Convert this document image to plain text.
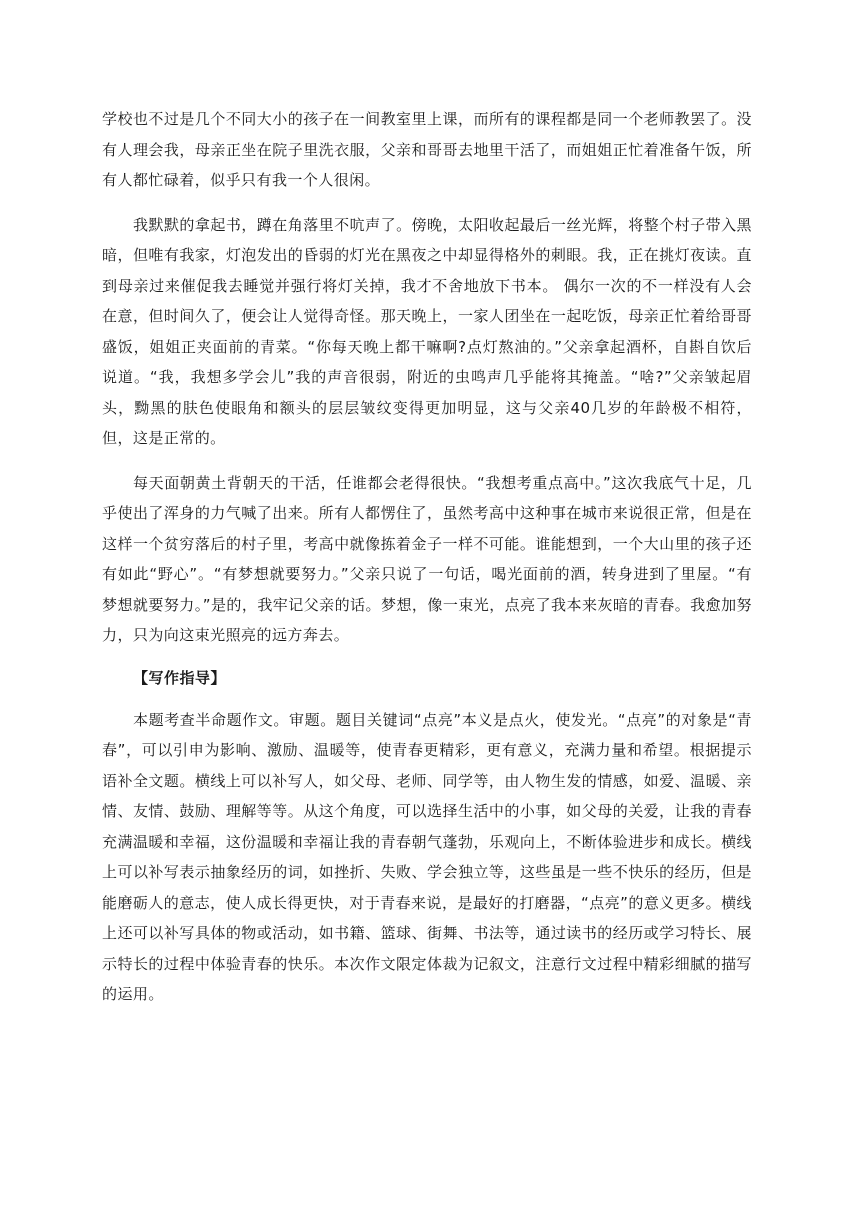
学校也不过是几个不同大小的孩子在一间教室里上课，而所有的课程都是同一个老师教罢了。没有人理会我，母亲正坐在院子里洗衣服，父亲和哥哥去地里干活了，而姐姐正忙着准备午饭，所有人都忙碌着，似乎只有我一个人很闲。

我默默的拿起书，蹲在角落里不吭声了。傍晚，太阳收起最后一丝光辉，将整个村子带入黑暗，但唯有我家，灯泡发出的昏弱的灯光在黑夜之中却显得格外的刺眼。我，正在挑灯夜读。直到母亲过来催促我去睡觉并强行将灯关掉，我才不舍地放下书本。 偶尔一次的不一样没有人会在意，但时间久了，便会让人觉得奇怪。那天晚上，一家人团坐在一起吃饭，母亲正忙着给哥哥盛饭，姐姐正夹面前的青菜。“你每天晚上都干嘛啊?点灯熬油的。”父亲拿起酒杯，自斟自饮后说道。“我，我想多学会儿”我的声音很弱，附近的虫鸣声几乎能将其掩盖。“啥?”父亲皱起眉头，黝黑的肤色使眼角和额头的层层皱纹变得更加明显，这与父亲40几岁的年龄极不相符，但，这是正常的。

每天面朝黄土背朝天的干活，任谁都会老得很快。“我想考重点高中。”这次我底气十足，几乎使出了浑身的力气喊了出来。所有人都愣住了，虽然考高中这种事在城市来说很正常，但是在这样一个贫穷落后的村子里，考高中就像拣着金子一样不可能。谁能想到，一个大山里的孩子还有如此“野心”。“有梦想就要努力。”父亲只说了一句话，喝光面前的酒，转身进到了里屋。“有梦想就要努力。”是的，我牢记父亲的话。梦想，像一束光，点亮了我本来灰暗的青春。我愈加努力，只为向这束光照亮的远方奔去。

【写作指导】

本题考查半命题作文。审题。题目关键词“点亮”本义是点火，使发光。“点亮”的对象是“青春”，可以引申为影响、激励、温暖等，使青春更精彩，更有意义，充满力量和希望。根据提示语补全文题。横线上可以补写人，如父母、老师、同学等，由人物生发的情感，如爱、温暖、亲情、友情、鼓励、理解等等。从这个角度，可以选择生活中的小事，如父母的关爱，让我的青春充满温暖和幸福，这份温暖和幸福让我的青春朝气蓬勃，乐观向上，不断体验进步和成长。横线上可以补写表示抽象经历的词，如挫折、失败、学会独立等，这些虽是一些不快乐的经历，但是能磨砺人的意志，使人成长得更快，对于青春来说，是最好的打磨器，“点亮”的意义更多。横线上还可以补写具体的物或活动，如书籍、篮球、街舞、书法等，通过读书的经历或学习特长、展示特长的过程中体验青春的快乐。本次作文限定体裁为记叙文，注意行文过程中精彩细腻的描写的运用。
